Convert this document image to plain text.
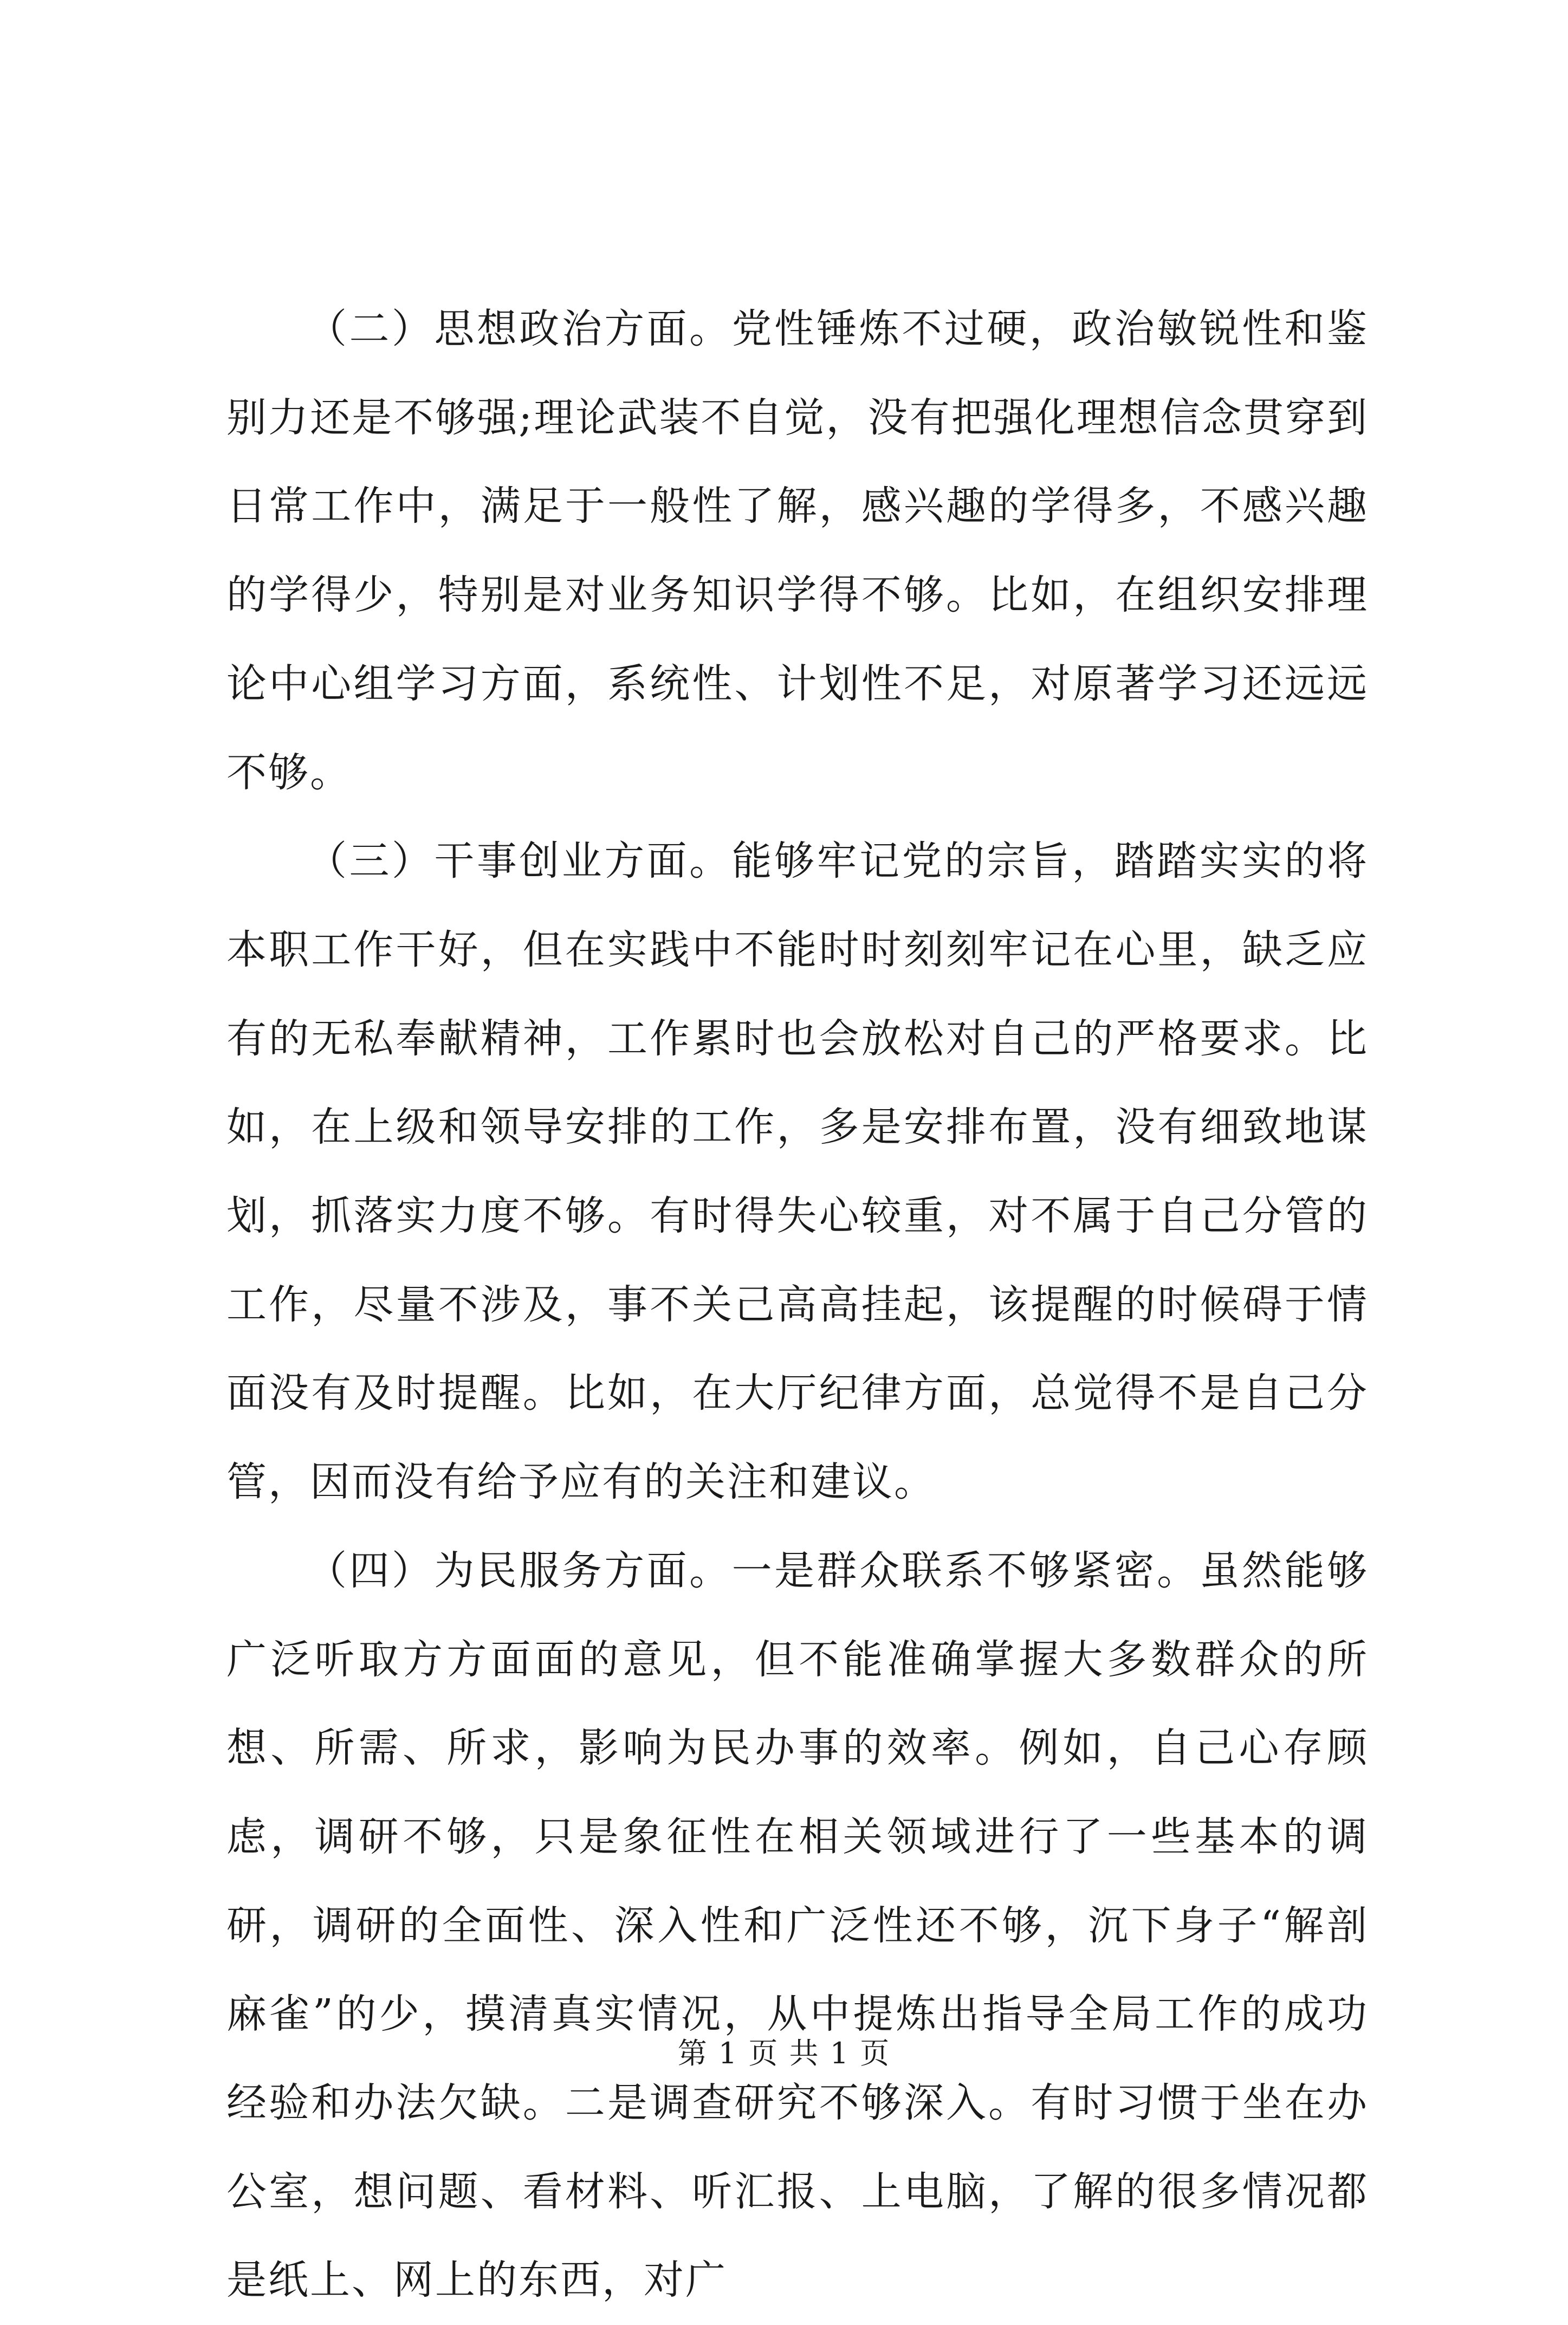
（二）思想政治方面。党性锤炼不过硬，政治敏锐性和鉴别力还是不够强;理论武装不自觉，没有把强化理想信念贯穿到日常工作中，满足于一般性了解，感兴趣的学得多，不感兴趣的学得少，特别是对业务知识学得不够。比如，在组织安排理论中心组学习方面，系统性、计划性不足，对原著学习还远远不够。

（三）干事创业方面。能够牢记党的宗旨，踏踏实实的将本职工作干好，但在实践中不能时时刻刻牢记在心里，缺乏应有的无私奉献精神，工作累时也会放松对自己的严格要求。比如，在上级和领导安排的工作，多是安排布置，没有细致地谋划，抓落实力度不够。有时得失心较重，对不属于自己分管的工作，尽量不涉及，事不关己高高挂起，该提醒的时候碍于情面没有及时提醒。比如，在大厅纪律方面，总觉得不是自己分管，因而没有给予应有的关注和建议。

（四）为民服务方面。一是群众联系不够紧密。虽然能够广泛听取方方面面的意见，但不能准确掌握大多数群众的所想、所需、所求，影响为民办事的效率。例如，自己心存顾虑，调研不够，只是象征性在相关领域进行了一些基本的调研，调研的全面性、深入性和广泛性还不够，沉下身子“解剖麻雀”的少，摸清真实情况，从中提炼出指导全局工作的成功经验和办法欠缺。二是调查研究不够深入。有时习惯于坐在办公室，想问题、看材料、听汇报、上电脑，了解的很多情况都是纸上、网上的东西，对广

第 1 页 共 1 页
